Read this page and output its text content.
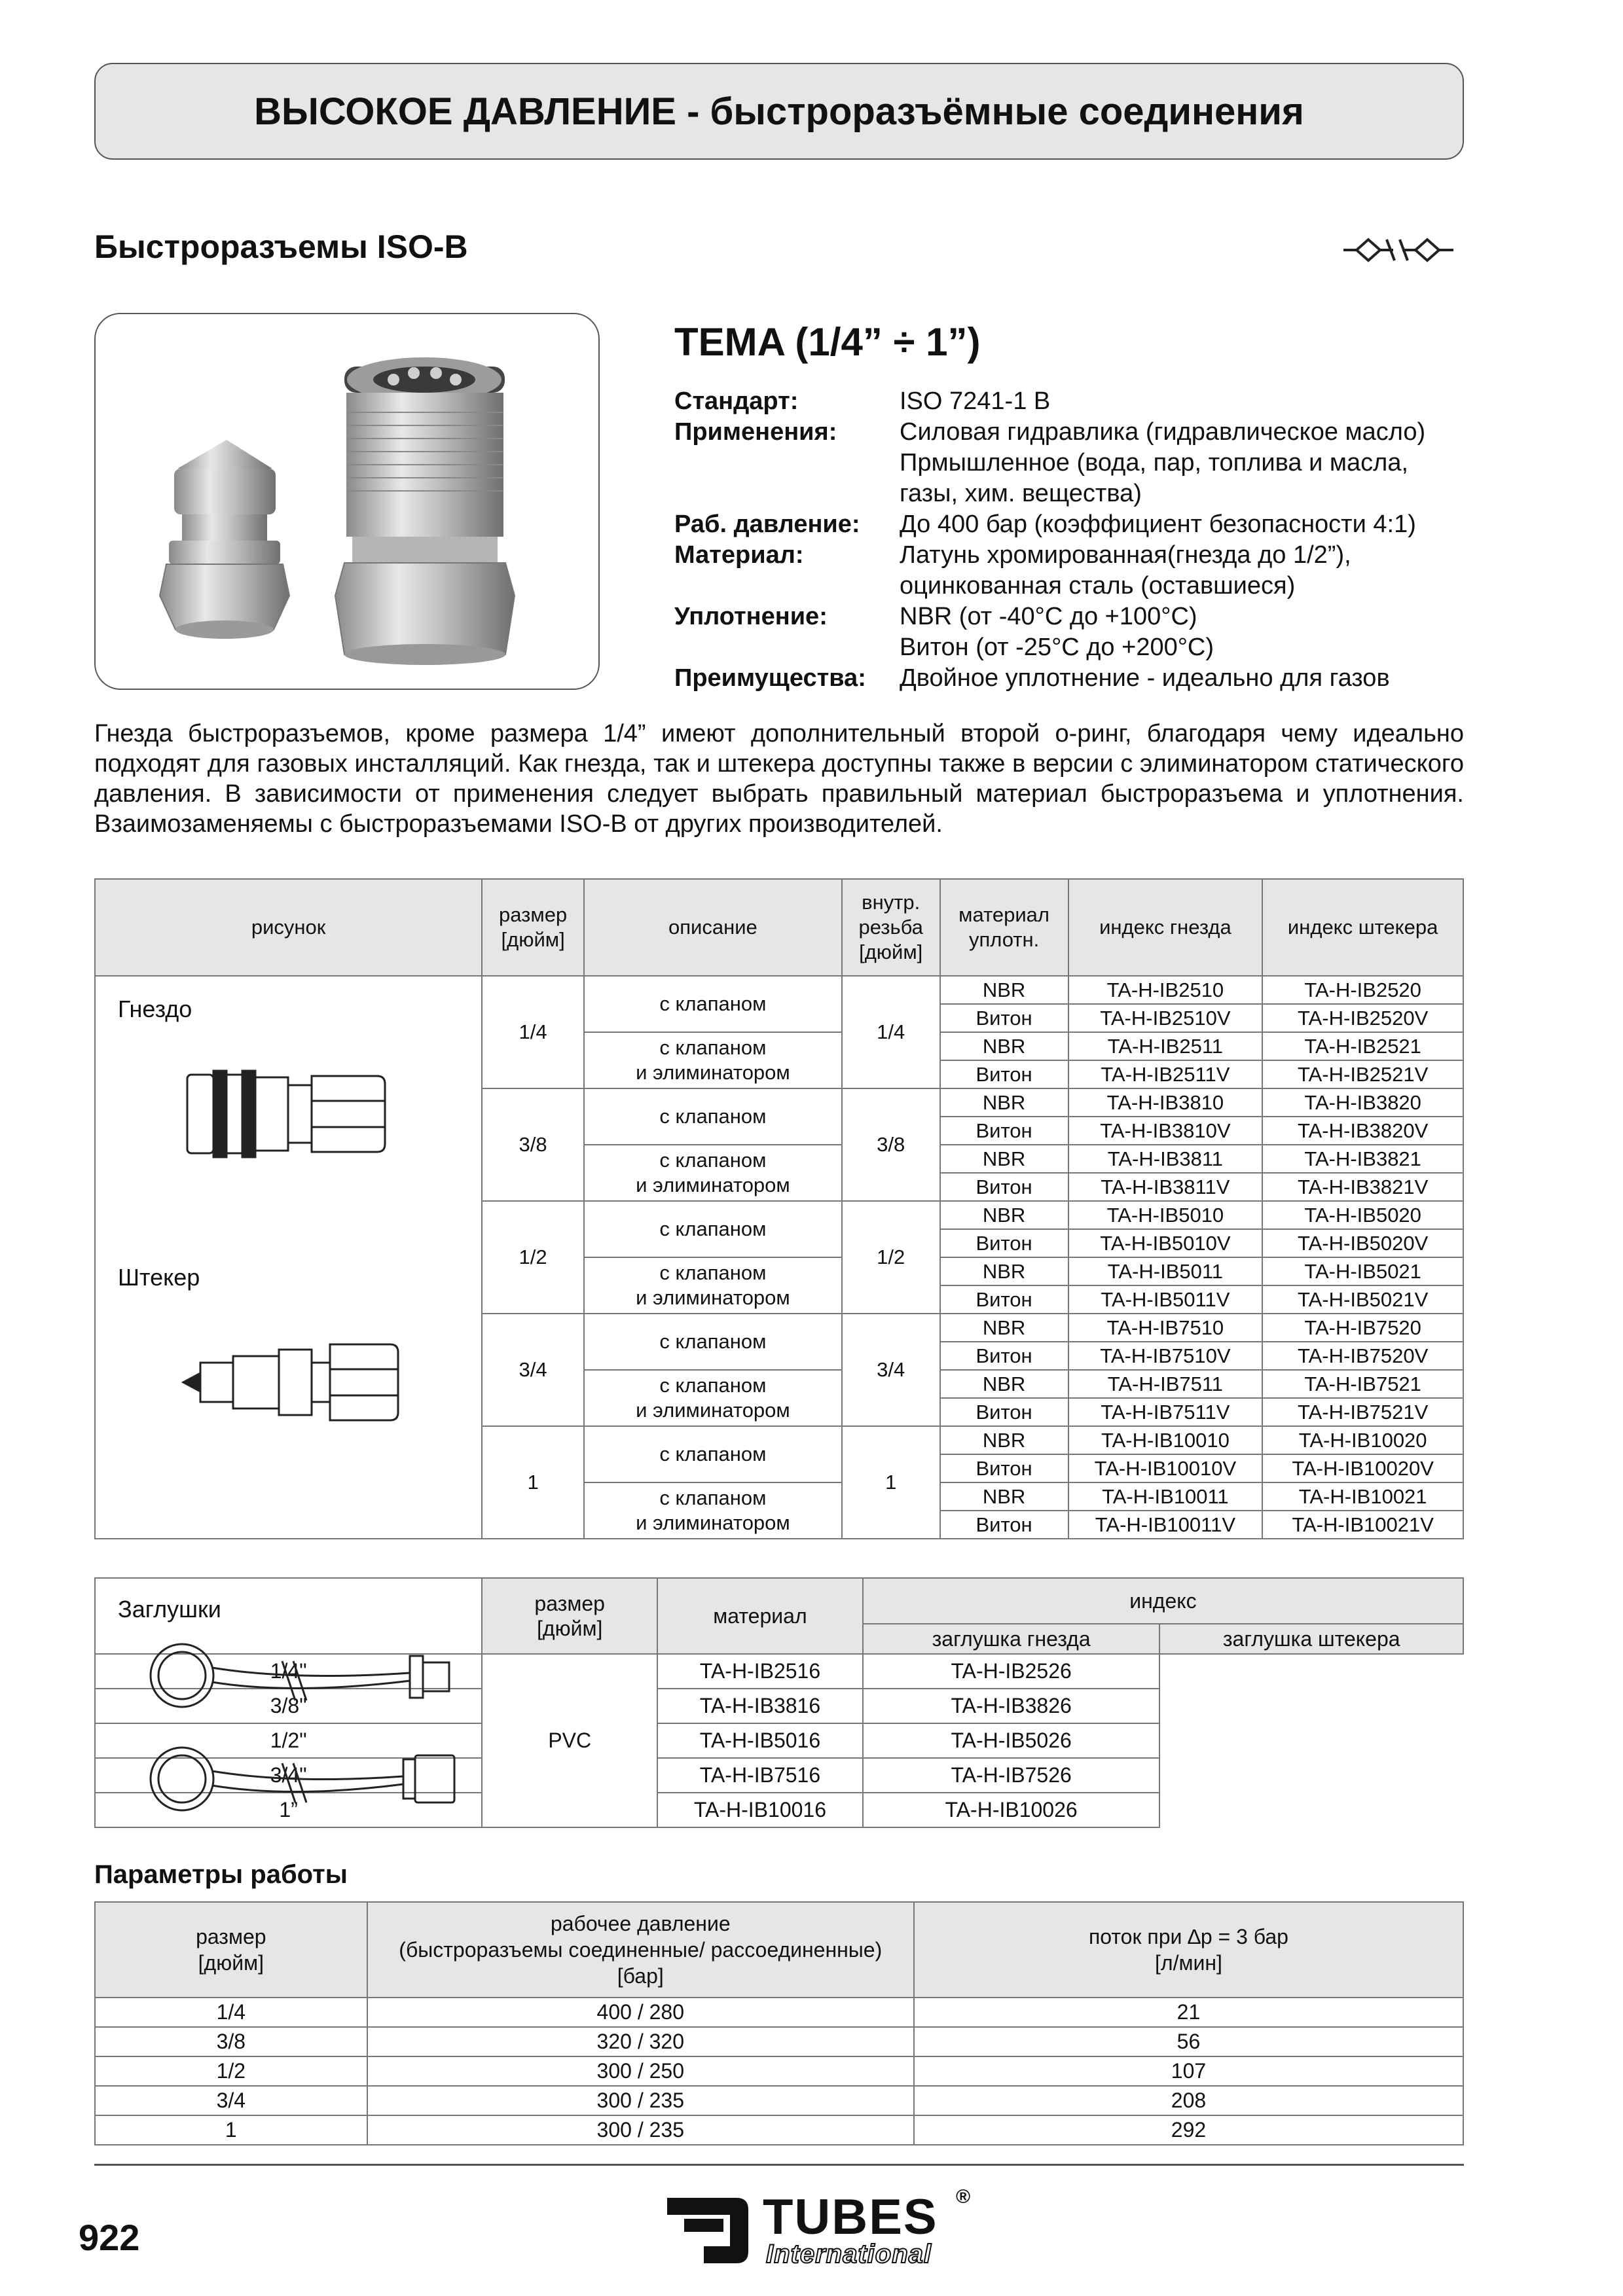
ВЫСОКОЕ ДАВЛЕНИЕ - быстроразъёмные соединения
Быстроразъемы ISO-B
TEMA (1/4” ÷ 1”)
Стандарт:	ISO 7241-1 B
Применения:	Силовая гидравлика (гидравлическое масло)
Прмышленное (вода, пар, топлива и масла,
газы, хим. вещества)
Раб. давление:	До 400 бар (коэффициент безопасности 4:1)
Материал:	Латунь хромированная(гнезда до 1/2”),
оцинкованная сталь (оставшиеся)
Уплотнение:	NBR (от -40°C до +100°C)
Витон (от -25°C до +200°C)
Преимущества:	Двойное уплотнение - идеально для газов
Гнезда быстроразъемов, кроме размера 1/4” имеют дополнительный второй о-ринг, благодаря чему идеально подходят для газовых инсталляций. Как гнезда, так и штекера доступны также в версии с элиминатором статического давления. В зависимости от применения следует выбрать правильный материал быстроразъема и уплотнения. Взаимозаменяемы с быстроразъемами ISO-B от других производителей.
рисунок	размер
[дюйм]	описание	внутр.
резьба
[дюйм]	материал
уплотн.	индекс гнезда	индекс штекера

Гнездо
Штекер	1/4	с клапаном	1/4	NBR	TA-H-IB2510	TA-H-IB2520
				Витон	TA-H-IB2510V	TA-H-IB2520V
		с клапаном
и элиминатором		NBR	TA-H-IB2511	TA-H-IB2521
				Витон	TA-H-IB2511V	TA-H-IB2521V
	3/8	с клапаном	3/8	NBR	TA-H-IB3810	TA-H-IB3820
				Витон	TA-H-IB3810V	TA-H-IB3820V
		с клапаном
и элиминатором		NBR	TA-H-IB3811	TA-H-IB3821
				Витон	TA-H-IB3811V	TA-H-IB3821V
	1/2	с клапаном	1/2	NBR	TA-H-IB5010	TA-H-IB5020
				Витон	TA-H-IB5010V	TA-H-IB5020V
		с клапаном
и элиминатором		NBR	TA-H-IB5011	TA-H-IB5021
				Витон	TA-H-IB5011V	TA-H-IB5021V
	3/4	с клапаном	3/4	NBR	TA-H-IB7510	TA-H-IB7520
				Витон	TA-H-IB7510V	TA-H-IB7520V
		с клапаном
и элиминатором		NBR	TA-H-IB7511	TA-H-IB7521
				Витон	TA-H-IB7511V	TA-H-IB7521V
	1	с клапаном	1	NBR	TA-H-IB10010	TA-H-IB10020
				Витон	TA-H-IB10010V	TA-H-IB10020V
		с клапаном
и элиминатором		NBR	TA-H-IB10011	TA-H-IB10021
				Витон	TA-H-IB10011V	TA-H-IB10021V
Заглушки	размер
[дюйм]	материал	индекс	
			заглушка гнезда	заглушка штекера
1/4"	PVC	TA-H-IB2516	TA-H-IB2526	
3/8"		TA-H-IB3816	TA-H-IB3826	
1/2"		TA-H-IB5016	TA-H-IB5026	
3/4"		TA-H-IB7516	TA-H-IB7526	
1”		TA-H-IB10016	TA-H-IB10026	
Параметры работы
размер
[дюйм]	рабочее давление
(быстроразъемы соединенные/ рассоединенные)
[бар]	поток при ∆p = 3 бар
[л/мин]
1/4	400 / 280	21
3/8	320 / 320	56
1/2	300 / 250	107
3/4	300 / 235	208
1	300 / 235	292
922	TUBES ®
International
